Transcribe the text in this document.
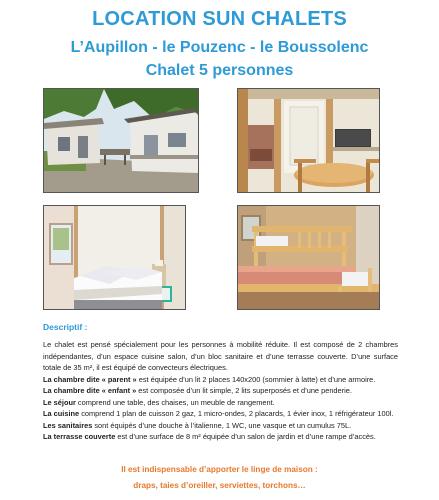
LOCATION SUN CHALETS
L’Aupillon - le Pouzenc - le Boussolenc
Chalet 5 personnes
Descriptif :

Le chalet est pensé spécialement pour les personnes à mobilité réduite. Il est composé de 2 chambres indépendantes, d’un espace cuisine salon, d’un bloc sanitaire et d’une terrasse couverte. D’une surface totale de 35 m², il est équipé de convecteurs électriques.

La chambre dite « parent » est équipée d’un lit 2 places 140x200 (sommier à latte) et d’une armoire.

La chambre dite « enfant » est composée d’un lit simple, 2 lits superposés et d’une penderie.

Le séjour comprend une table, des chaises, un meuble de rangement.

La cuisine comprend 1 plan de cuisson 2 gaz, 1 micro-ondes, 2 placards, 1 évier inox, 1 réfrigérateur 100l.

Les sanitaires sont équipés d’une douche à l’italienne, 1 WC, une vasque et un cumulus 75L.

La terrasse couverte est d’une surface de 8 m² équipée d’un salon de jardin et d’une rampe d’accès.

Il est indispensable d’apporter le linge de maison :
draps, taies d’oreiller, serviettes, torchons…
